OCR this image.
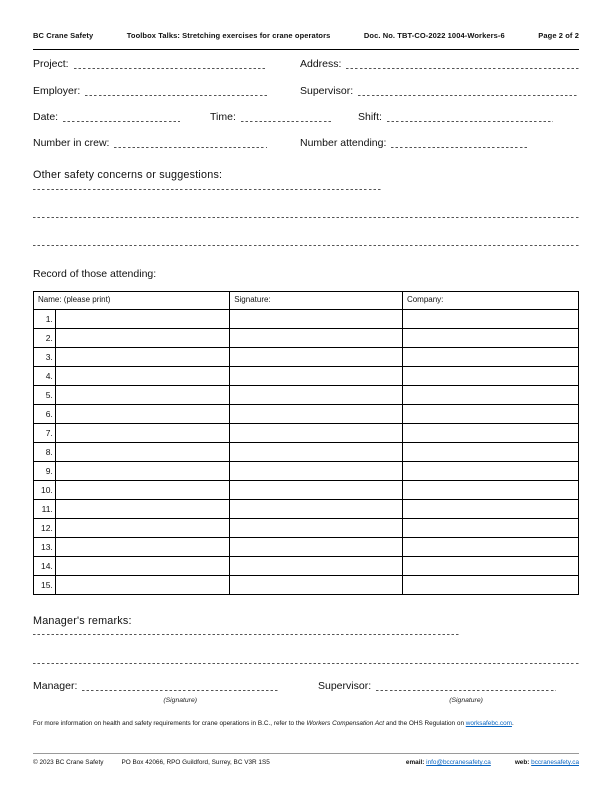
BC Crane Safety	Toolbox Talks: Stretching exercises for crane operators	Doc. No. TBT-CO-2022 1004-Workers-6	Page 2 of 2
Project:	Address:
Employer:	Supervisor:
Date:	Time:	Shift:
Number in crew:	Number attending:
Other safety concerns or suggestions:
Record of those attending:
Name: (please print)		Signature:	Company:
1.			
2.			
3.			
4.			
5.			
6.			
7.			
8.			
9.			
10.			
11.			
12.			
13.			
14.			
15.			
Manager's remarks:
Manager:
(Signature)
Supervisor:
(Signature)
For more information on health and safety requirements for crane operations in B.C., refer to the Workers Compensation Act and the OHS Regulation on worksafebc.com.
© 2023 BC Crane Safety	PO Box 42066, RPO Guildford, Surrey, BC V3R 1S5	email: info@bccranesafety.ca	web: bccranesafety.ca
